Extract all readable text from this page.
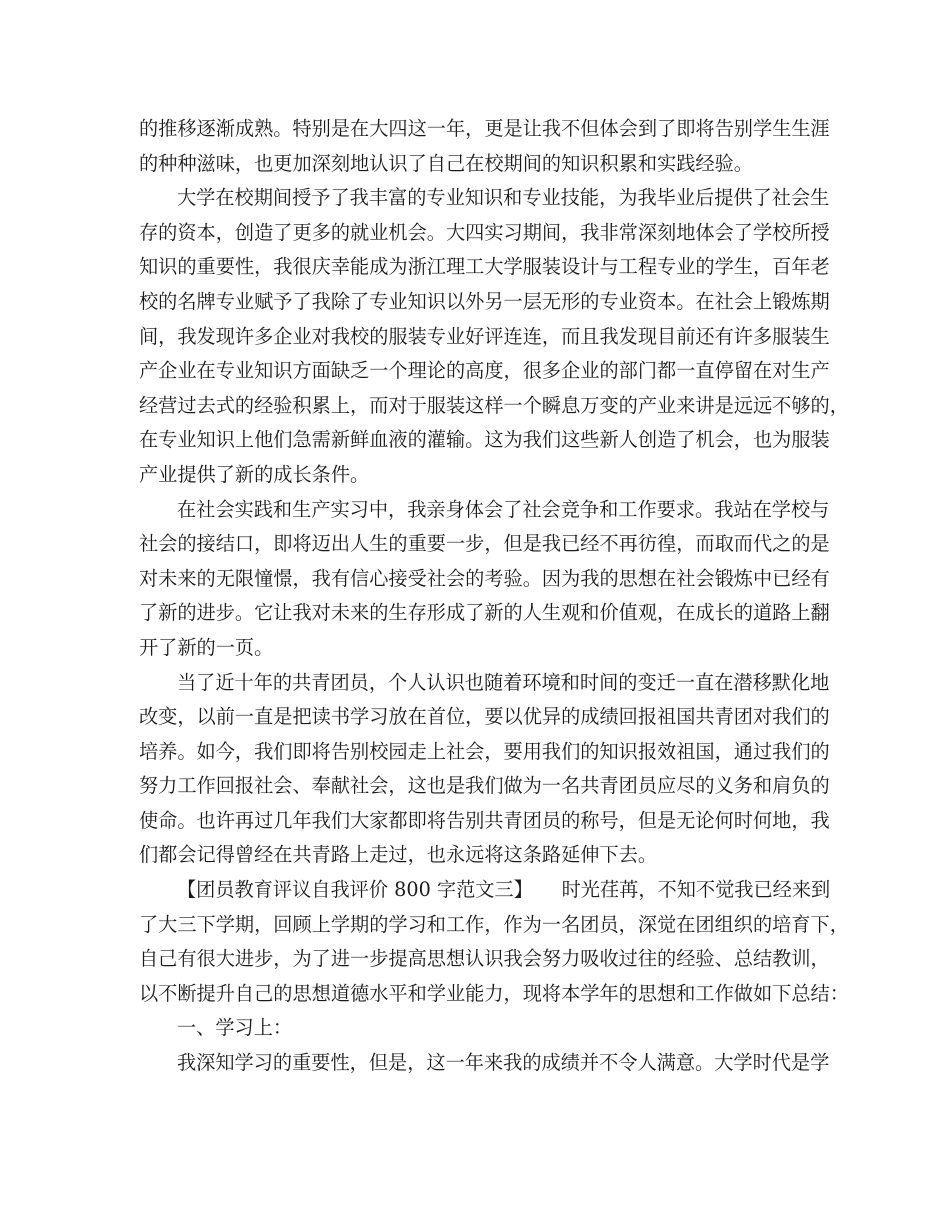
的推移逐渐成熟。特别是在大四这一年，更是让我不但体会到了即将告别学生生涯
的种种滋味，也更加深刻地认识了自己在校期间的知识积累和实践经验。
大学在校期间授予了我丰富的专业知识和专业技能，为我毕业后提供了社会生
存的资本，创造了更多的就业机会。大四实习期间，我非常深刻地体会了学校所授
知识的重要性，我很庆幸能成为浙江理工大学服装设计与工程专业的学生，百年老
校的名牌专业赋予了我除了专业知识以外另一层无形的专业资本。在社会上锻炼期
间，我发现许多企业对我校的服装专业好评连连，而且我发现目前还有许多服装生
产企业在专业知识方面缺乏一个理论的高度，很多企业的部门都一直停留在对生产
经营过去式的经验积累上，而对于服装这样一个瞬息万变的产业来讲是远远不够的，
在专业知识上他们急需新鲜血液的灌输。这为我们这些新人创造了机会，也为服装
产业提供了新的成长条件。
在社会实践和生产实习中，我亲身体会了社会竞争和工作要求。我站在学校与
社会的接结口，即将迈出人生的重要一步，但是我已经不再彷徨，而取而代之的是
对未来的无限憧憬，我有信心接受社会的考验。因为我的思想在社会锻炼中已经有
了新的进步。它让我对未来的生存形成了新的人生观和价值观，在成长的道路上翻
开了新的一页。
当了近十年的共青团员，个人认识也随着环境和时间的变迁一直在潜移默化地
改变，以前一直是把读书学习放在首位，要以优异的成绩回报祖国共青团对我们的
培养。如今，我们即将告别校园走上社会，要用我们的知识报效祖国，通过我们的
努力工作回报社会、奉献社会，这也是我们做为一名共青团员应尽的义务和肩负的
使命。也许再过几年我们大家都即将告别共青团员的称号，但是无论何时何地，我
们都会记得曾经在共青路上走过，也永远将这条路延伸下去。
【团员教育评议自我评价 800 字范文三】　　时光荏苒，不知不觉我已经来到
了大三下学期，回顾上学期的学习和工作，作为一名团员，深觉在团组织的培育下，
自己有很大进步，为了进一步提高思想认识我会努力吸收过往的经验、总结教训，
以不断提升自己的思想道德水平和学业能力，现将本学年的思想和工作做如下总结：
一、学习上：
我深知学习的重要性，但是，这一年来我的成绩并不令人满意。大学时代是学
